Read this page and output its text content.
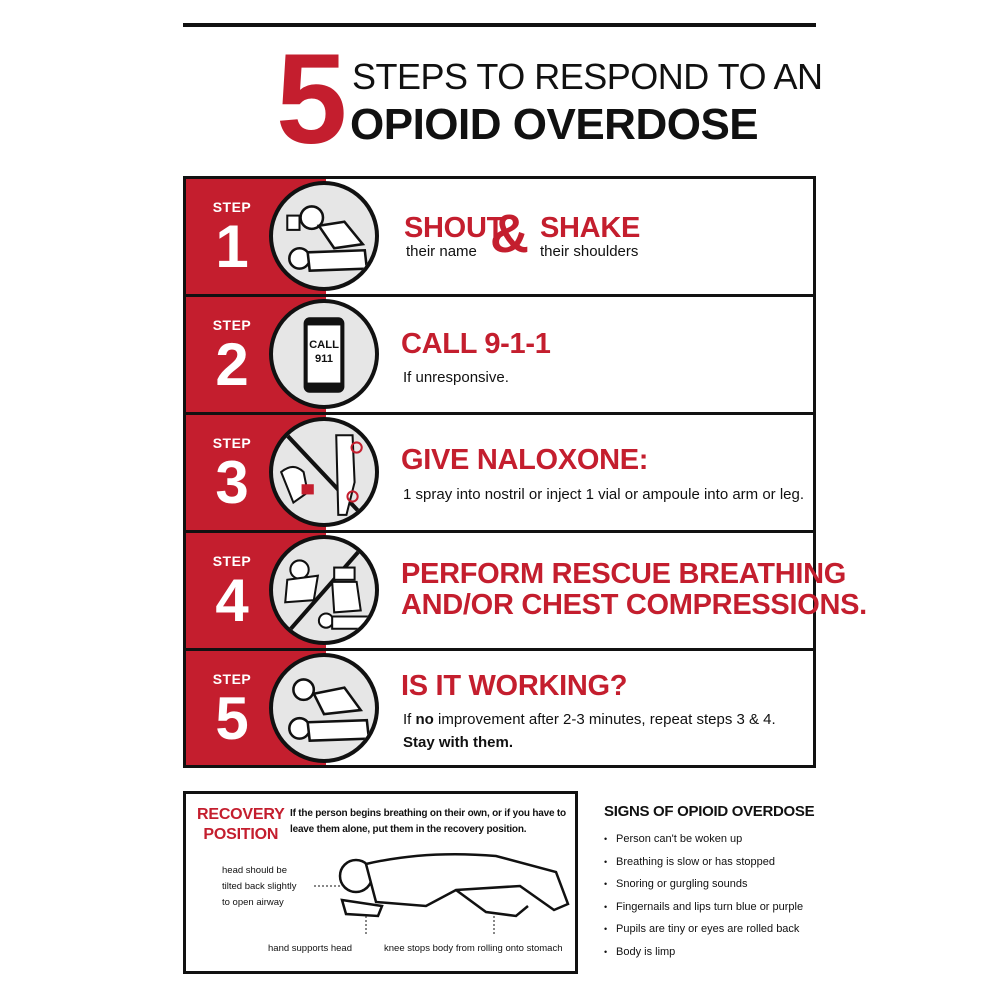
5 STEPS TO RESPOND TO AN
OPIOID OVERDOSE
STEP
1	SHOUT
their name & SHAKE
their shoulders
STEP
2	CALL
911 CALL 9-1-1
If unresponsive.
STEP
3	GIVE NALOXONE:
1 spray into nostril or inject 1 vial or ampoule into arm or leg.
STEP
4	PERFORM RESCUE BREATHING
AND/OR CHEST COMPRESSIONS.
STEP
5	IS IT WORKING?
If no improvement after 2-3 minutes, repeat steps 3 & 4.
Stay with them.
RECOVERY
POSITION
If the person begins breathing on their own, or if you have to leave them alone, put them in the recovery position.
head should be
tilted back slightly
to open airway
hand supports head	knee stops body from rolling onto stomach
SIGNS OF OPIOID OVERDOSE
• Person can't be woken up
• Breathing is slow or has stopped
• Snoring or gurgling sounds
• Fingernails and lips turn blue or purple
• Pupils are tiny or eyes are rolled back
• Body is limp
